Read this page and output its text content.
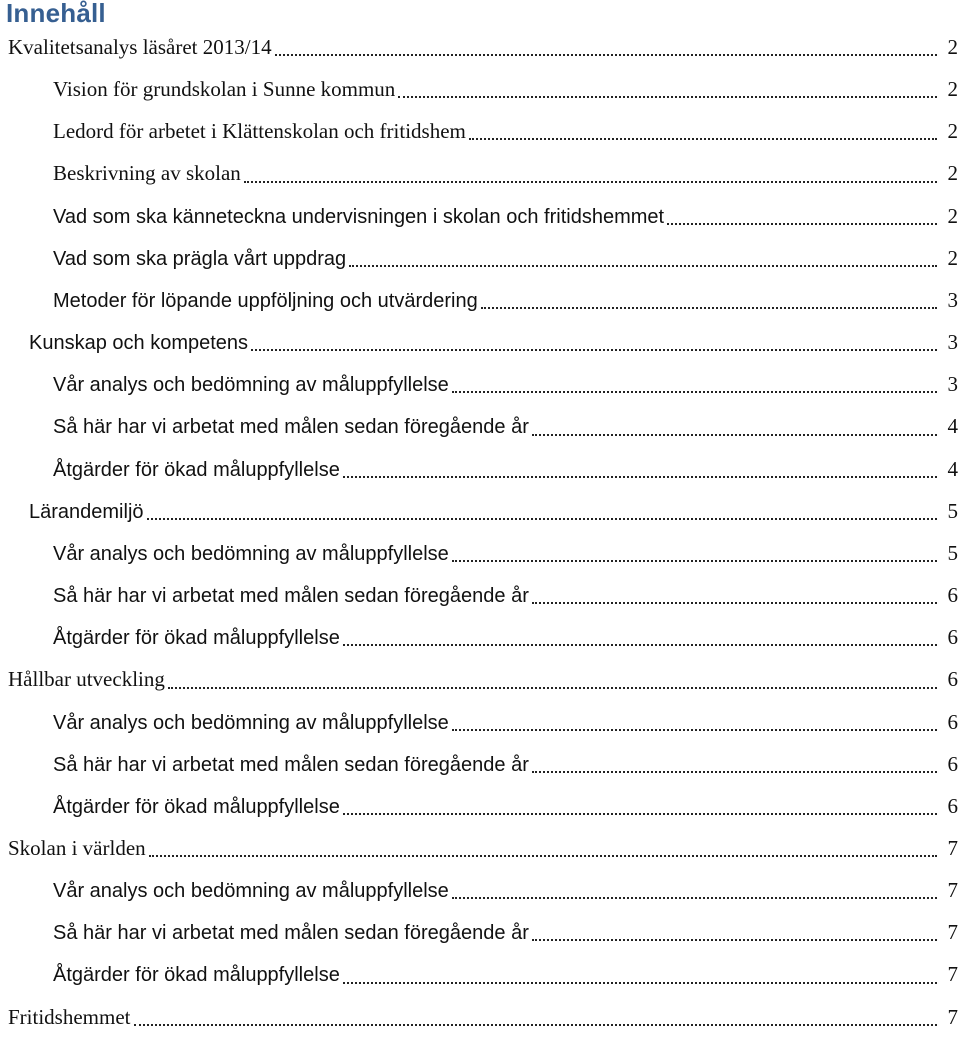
Innehåll
Kvalitetsanalys läsåret 2013/14	2
Vision för grundskolan i Sunne kommun	2
Ledord för arbetet i Klättenskolan och fritidshem	2
Beskrivning av skolan	2
Vad som ska känneteckna undervisningen i skolan och fritidshemmet	2
Vad som ska prägla vårt uppdrag	2
Metoder för löpande uppföljning och utvärdering	3
Kunskap och kompetens	3
Vår analys och bedömning av måluppfyllelse	3
Så här har vi arbetat med målen sedan föregående år	4
Åtgärder för ökad måluppfyllelse	4
Lärandemiljö	5
Vår analys och bedömning av måluppfyllelse	5
Så här har vi arbetat med målen sedan föregående år	6
Åtgärder för ökad måluppfyllelse	6
Hållbar utveckling	6
Vår analys och bedömning av måluppfyllelse	6
Så här har vi arbetat med målen sedan föregående år	6
Åtgärder för ökad måluppfyllelse	6
Skolan i världen	7
Vår analys och bedömning av måluppfyllelse	7
Så här har vi arbetat med målen sedan föregående år	7
Åtgärder för ökad måluppfyllelse	7
Fritidshemmet	7
